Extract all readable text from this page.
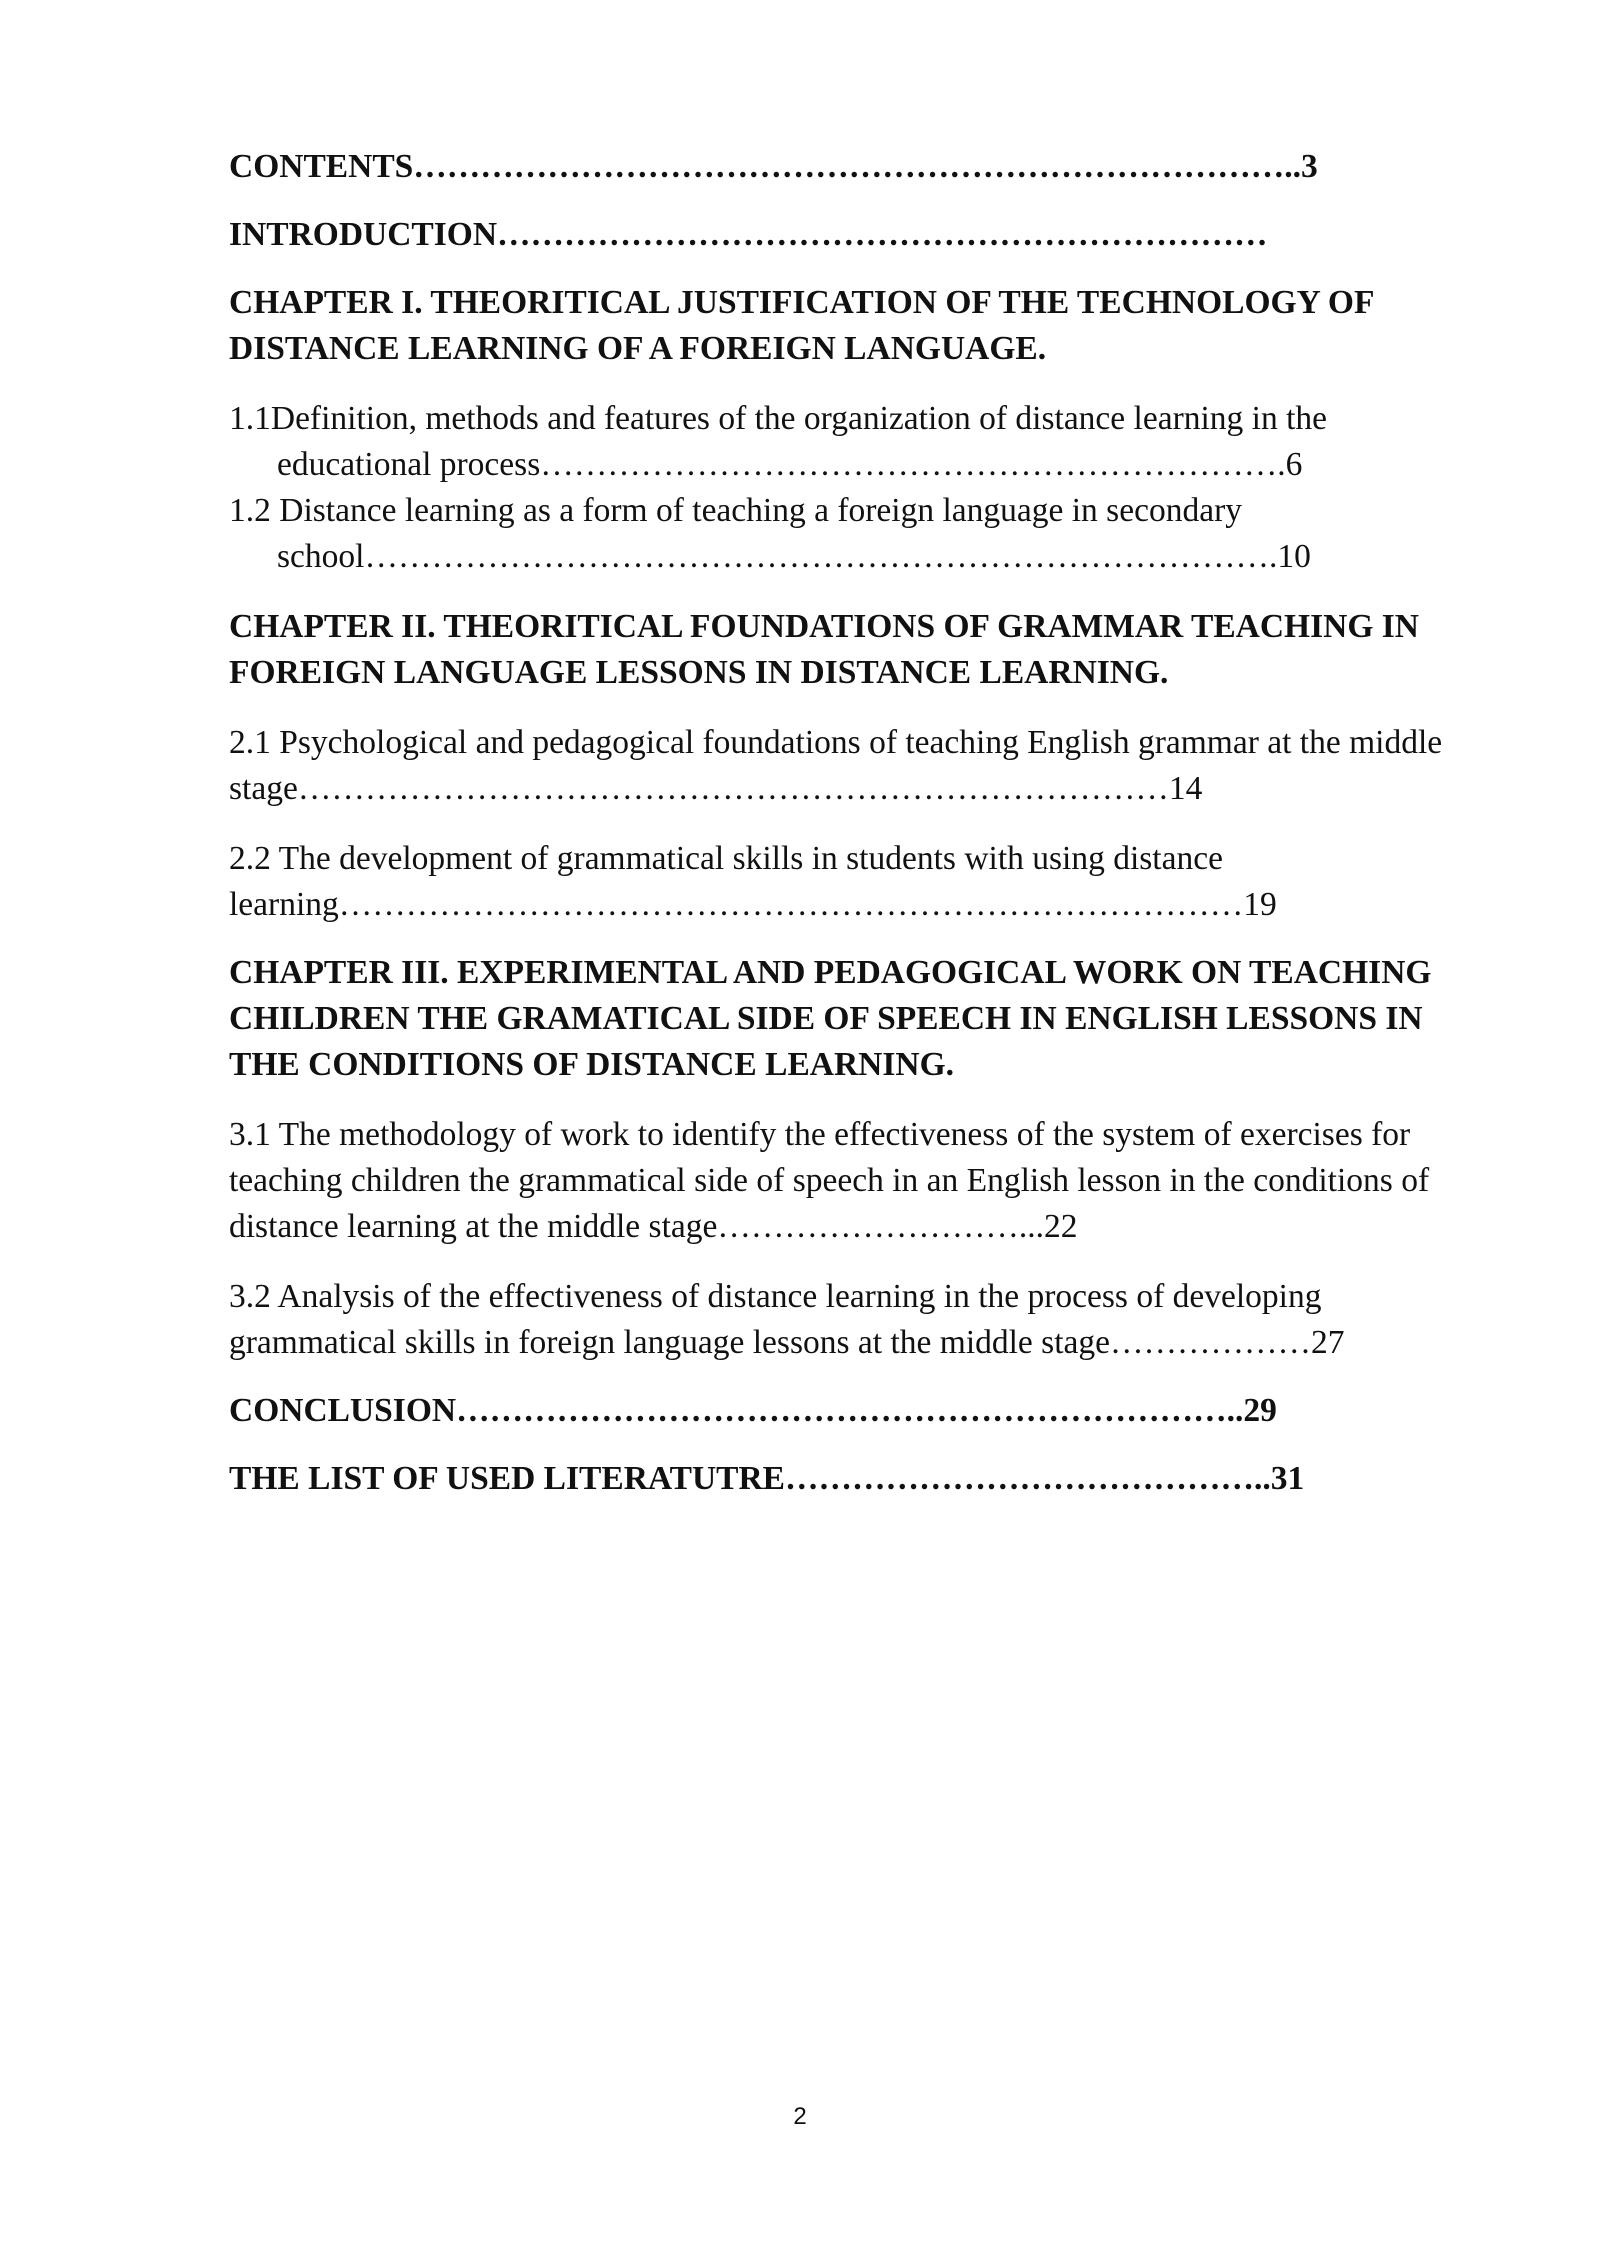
CONTENTS……………………………………………………………………..3

INTRODUCTION……………………………………………………………

CHAPTER I. THEORITICAL JUSTIFICATION OF THE TECHNOLOGY OF DISTANCE LEARNING OF A FOREIGN LANGUAGE.

1.1Definition, methods and features of the organization of distance learning in the educational process………………………………………………………….6

1.2 Distance learning as a form of teaching a foreign language in secondary school……………………………………………………………………….10

CHAPTER II. THEORITICAL FOUNDATIONS OF GRAMMAR TEACHING IN FOREIGN LANGUAGE LESSONS IN DISTANCE LEARNING.

2.1 Psychological and pedagogical foundations of teaching English grammar at the middle stage……………………………………………………………………14

2.2 The development of grammatical skills in students with using distance learning………………………………………………………………………19

CHAPTER III. EXPERIMENTAL AND PEDAGOGICAL WORK ON TEACHING CHILDREN THE GRAMATICAL SIDE OF SPEECH IN ENGLISH LESSONS IN THE CONDITIONS OF DISTANCE LEARNING.

3.1 The methodology of work to identify the effectiveness of the system of exercises for teaching children the grammatical side of speech in an English lesson in the conditions of distance learning at the middle stage………………………...22

3.2 Analysis of the effectiveness of distance learning in the process of developing grammatical skills in foreign language lessons at the middle stage………………27

CONCLUSION……………………………………………………………..29

THE LIST OF USED LITERATUTRE……………………………………..31

2
